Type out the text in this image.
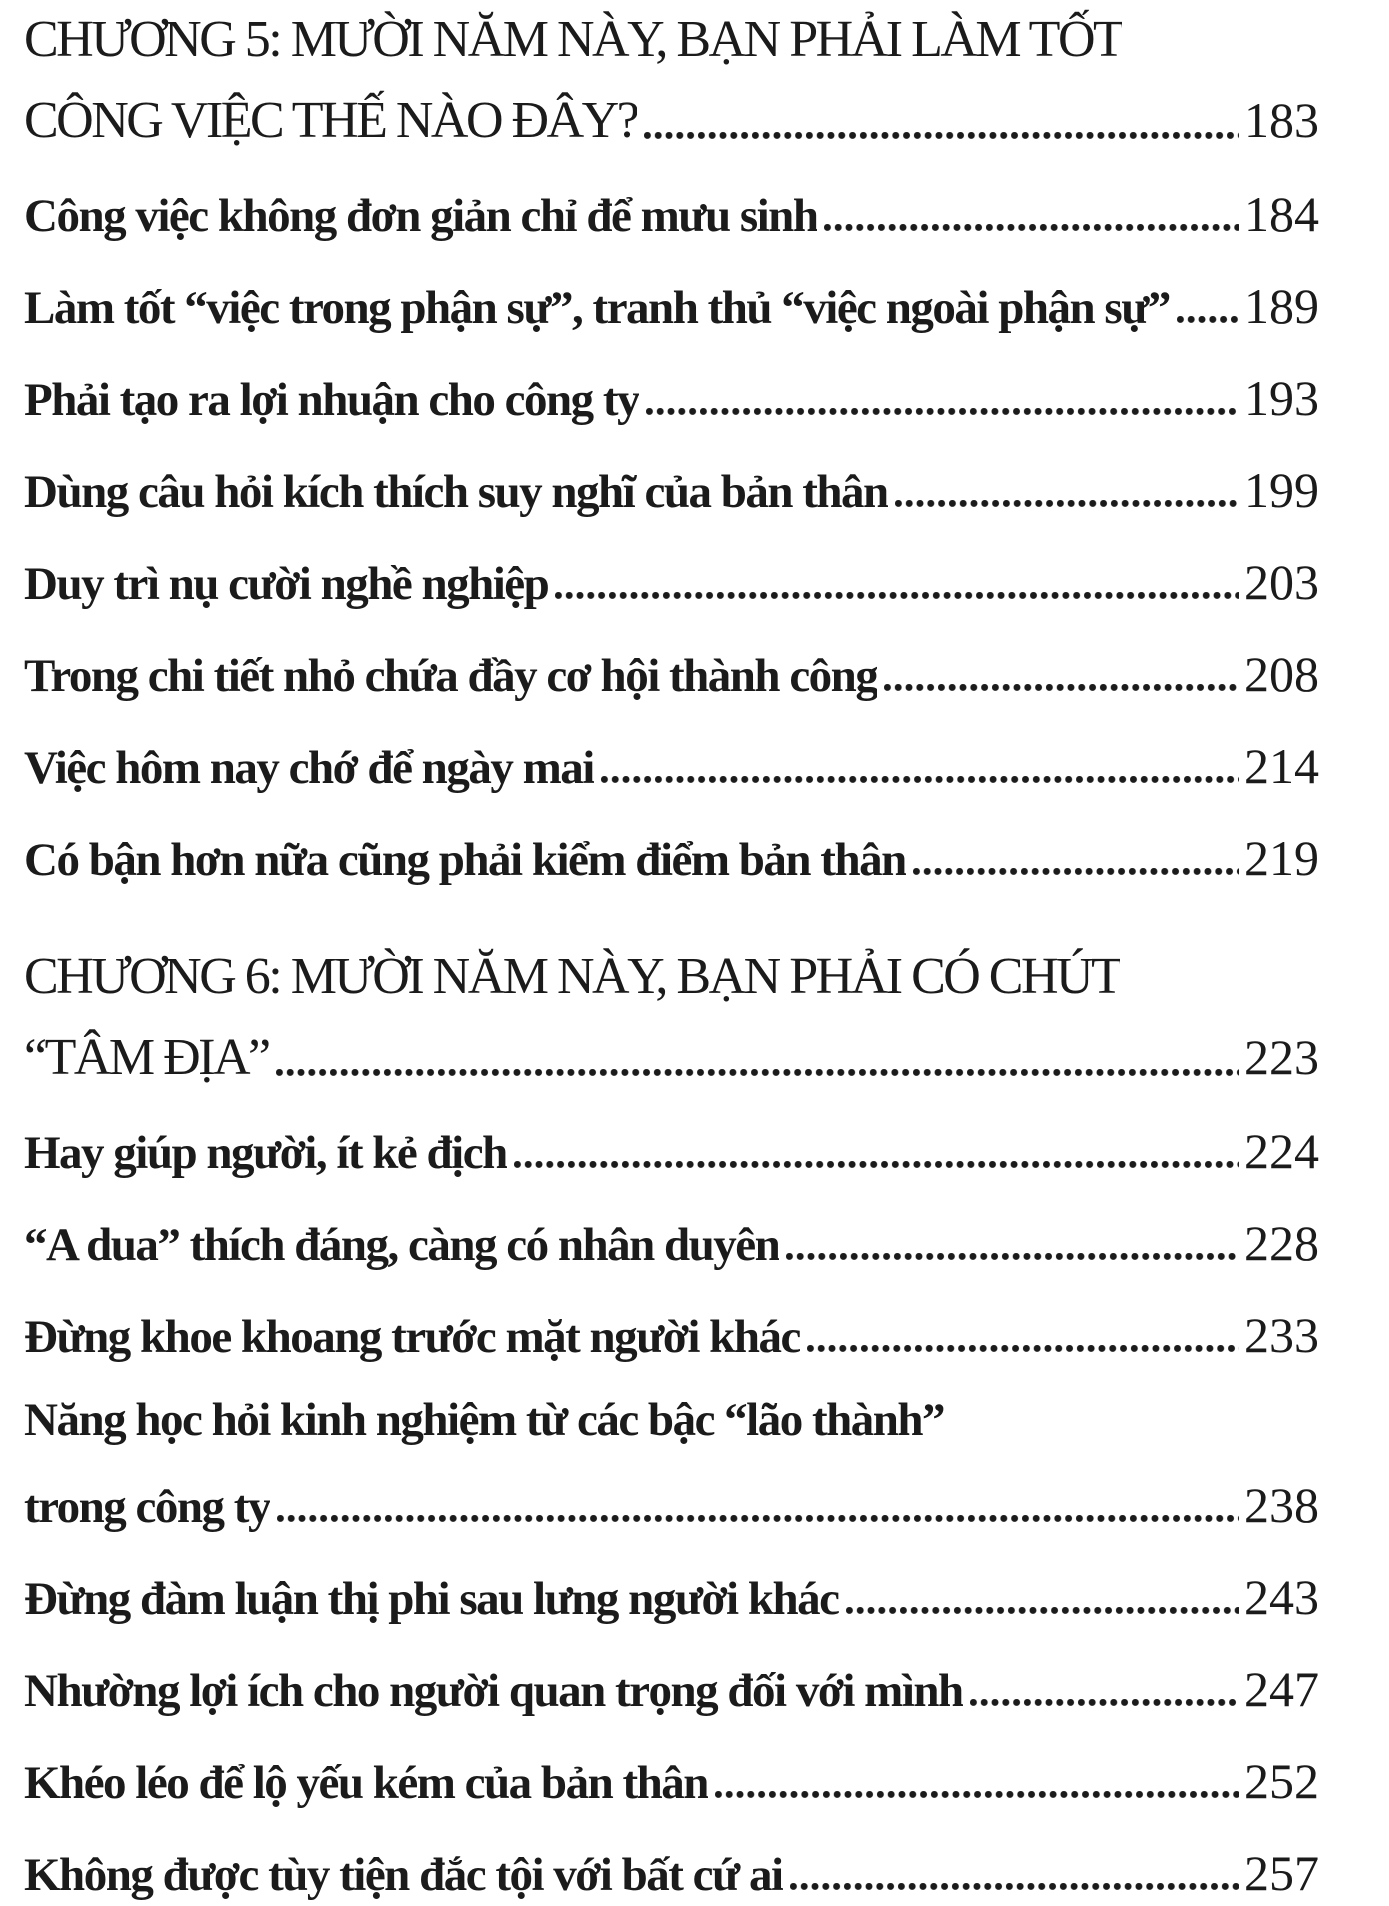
CHƯƠNG 5: MƯỜI NĂM NÀY, BẠN PHẢI LÀM TỐT
CÔNG VIỆC THẾ NÀO ĐÂY?	183
Công việc không đơn giản chỉ để mưu sinh	184
Làm tốt “việc trong phận sự”, tranh thủ “việc ngoài phận sự” 189
Phải tạo ra lợi nhuận cho công ty	193
Dùng câu hỏi kích thích suy nghĩ của bản thân	199
Duy trì nụ cười nghề nghiệp	203
Trong chi tiết nhỏ chứa đầy cơ hội thành công	208
Việc hôm nay chớ để ngày mai	214
Có bận hơn nữa cũng phải kiểm điểm bản thân	219
CHƯƠNG 6: MƯỜI NĂM NÀY, BẠN PHẢI CÓ CHÚT
“TÂM ĐỊA”	223
Hay giúp người, ít kẻ địch	224
“A dua” thích đáng, càng có nhân duyên	228
Đừng khoe khoang trước mặt người khác	233
Năng học hỏi kinh nghiệm từ các bậc “lão thành”
trong công ty	238
Đừng đàm luận thị phi sau lưng người khác	243
Nhường lợi ích cho người quan trọng đối với mình	247
Khéo léo để lộ yếu kém của bản thân	252
Không được tùy tiện đắc tội với bất cứ ai	257
